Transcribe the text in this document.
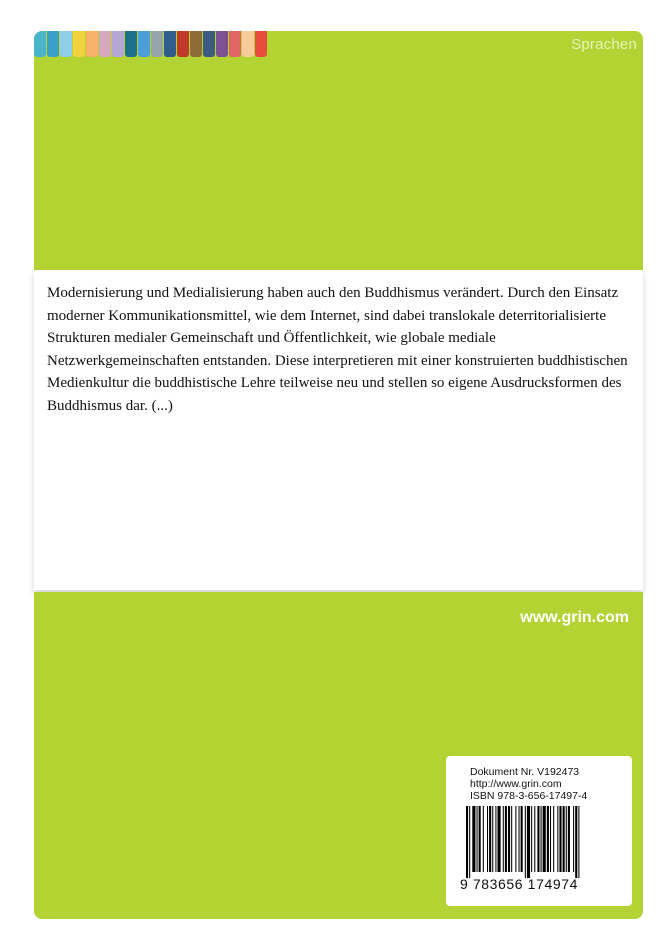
Sprachen

Modernisierung und Medialisierung haben auch den Buddhismus verändert. Durch den Einsatz moderner Kommunikationsmittel, wie dem Internet, sind dabei translokale deterritorialisierte Strukturen medialer Gemeinschaft und Öffentlichkeit, wie globale mediale Netzwerkgemeinschaften entstanden. Diese interpretieren mit einer konstruierten buddhistischen Medienkultur die buddhistische Lehre teilweise neu und stellen so eigene Ausdrucksformen des Buddhismus dar. (...)

www.grin.com
Dokument Nr. V192473
http://www.grin.com
ISBN 978-3-656-17497-4
9 783656 174974
